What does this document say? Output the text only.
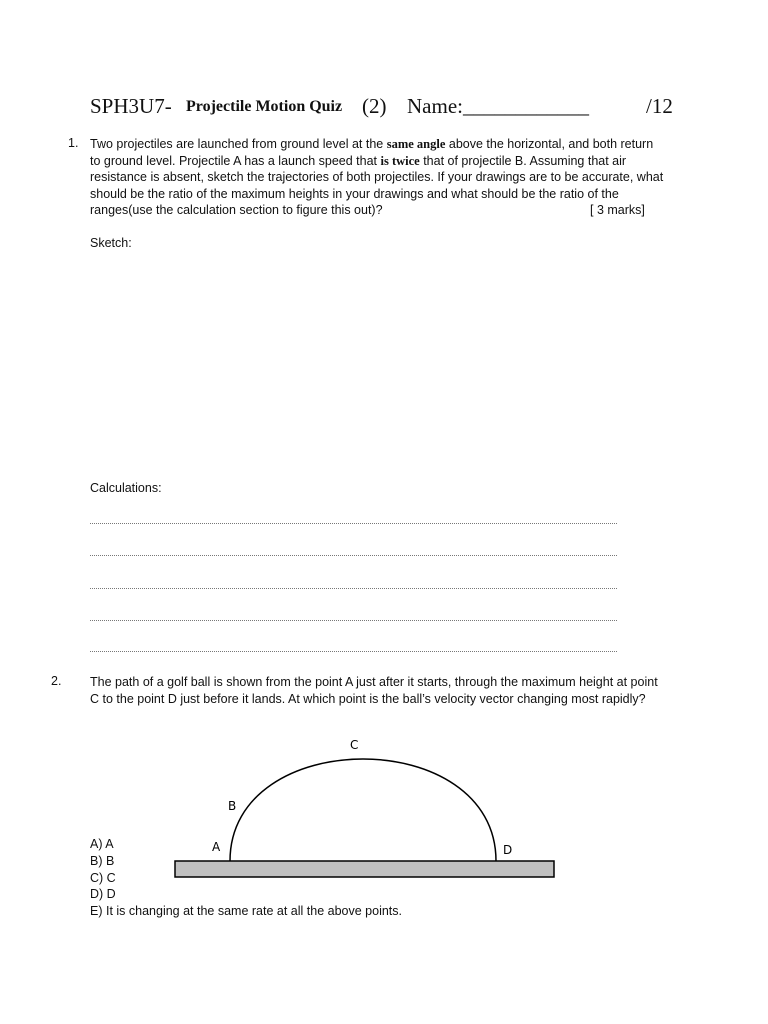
SPH3U7- Projectile Motion Quiz (2) Name:____________	/12
1. Two projectiles are launched from ground level at the same angle above the horizontal, and both return to ground level. Projectile A has a launch speed that is twice that of projectile B. Assuming that air resistance is absent, sketch the trajectories of both projectiles. If your drawings are to be accurate, what should be the ratio of the maximum heights in your drawings and what should be the ratio of the ranges(use the calculation section to figure this out)?	[ 3 marks]
Sketch:
Calculations:
2. The path of a golf ball is shown from the point A just after it starts, through the maximum height at point C to the point D just before it lands. At which point is the ball’s velocity vector changing most rapidly?
A
B
C
D
A) A
B) B
C) C
D) D
E) It is changing at the same rate at all the above points.
